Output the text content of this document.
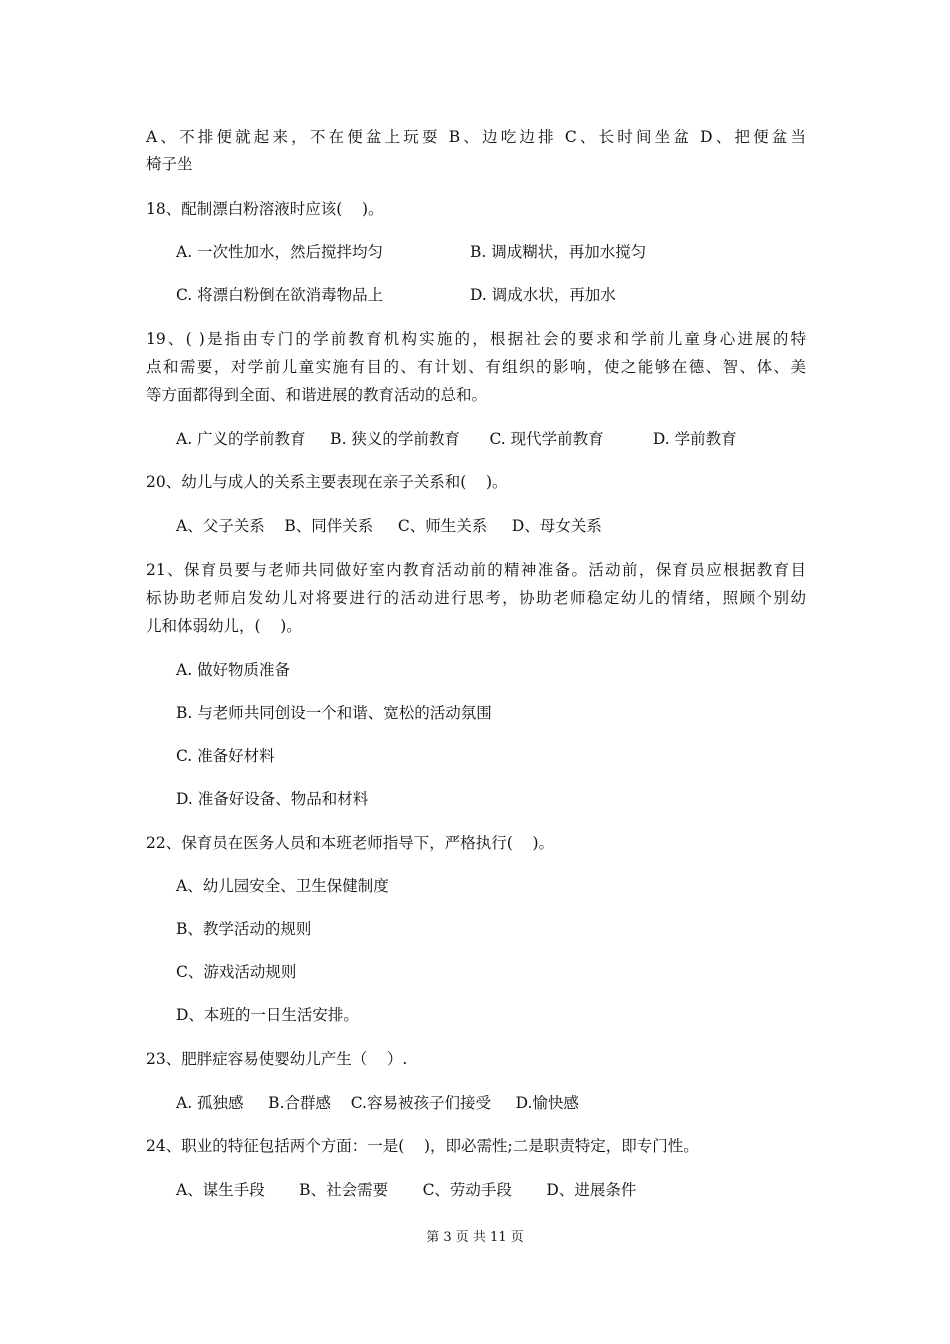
A、不排便就起来，不在便盆上玩耍 B、边吃边排 C、长时间坐盆 D、把便盆当
椅子坐
18、配制漂白粉溶液时应该(    )。
A. 一次性加水，然后搅拌均匀	B. 调成糊状，再加水搅匀
C. 将漂白粉倒在欲消毒物品上	D. 调成水状，再加水
19、( )是指由专门的学前教育机构实施的，根据社会的要求和学前儿童身心进展的特
点和需要，对学前儿童实施有目的、有计划、有组织的影响，使之能够在德、智、体、美
等方面都得到全面、和谐进展的教育活动的总和。
A. 广义的学前教育     B. 狭义的学前教育      C. 现代学前教育          D. 学前教育
20、幼儿与成人的关系主要表现在亲子关系和(    )。
A、父子关系    B、同伴关系     C、师生关系     D、母女关系
21、保育员要与老师共同做好室内教育活动前的精神准备。活动前，保育员应根据教育目
标协助老师启发幼儿对将要进行的活动进行思考，协助老师稳定幼儿的情绪，照顾个别幼
儿和体弱幼儿，(    )。
A. 做好物质准备
B. 与老师共同创设一个和谐、宽松的活动氛围
C. 准备好材料
D. 准备好设备、物品和材料
22、保育员在医务人员和本班老师指导下，严格执行(    )。
A、幼儿园安全、卫生保健制度
B、教学活动的规则
C、游戏活动规则
D、本班的一日生活安排。
23、肥胖症容易使婴幼儿产生（    ）.
A. 孤独感     B.合群感    C.容易被孩子们接受     D.愉快感
24、职业的特征包括两个方面：一是(    )，即必需性;二是职责特定，即专门性。
A、谋生手段       B、社会需要       C、劳动手段       D、进展条件
第 3 页 共 11 页
